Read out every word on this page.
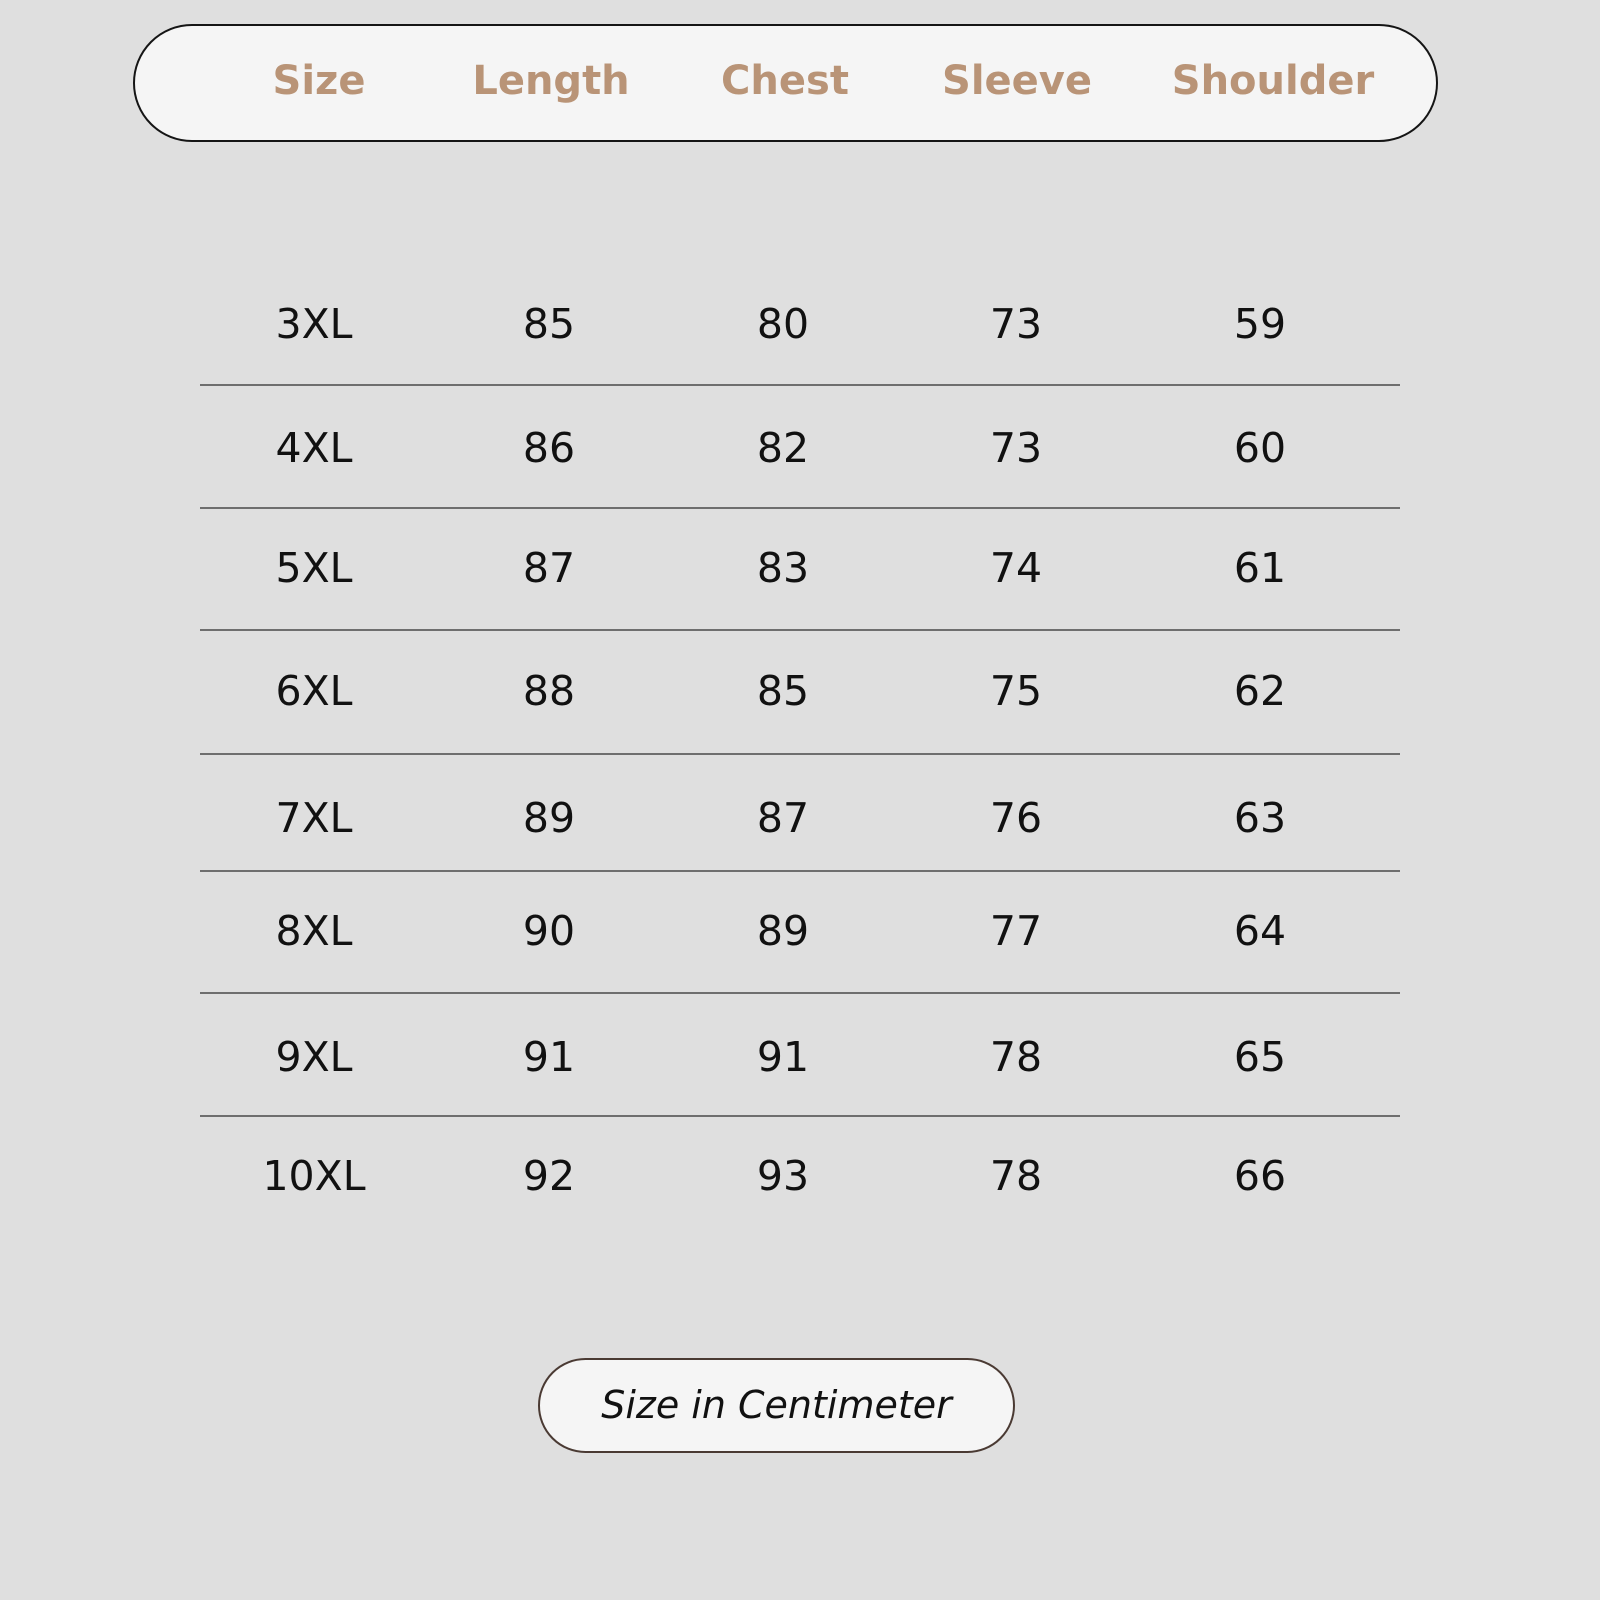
Size	Length Chest Sleeve Shoulder
3XL	85	80	73	59
4XL	86	82	73	60
5XL	87	83	74	61
6XL	88	85	75	62
7XL	89	87	76	63
8XL	90	89	77	64
9XL	91	91	78	65
10XL	92	93	78	66
Size in Centimeter
